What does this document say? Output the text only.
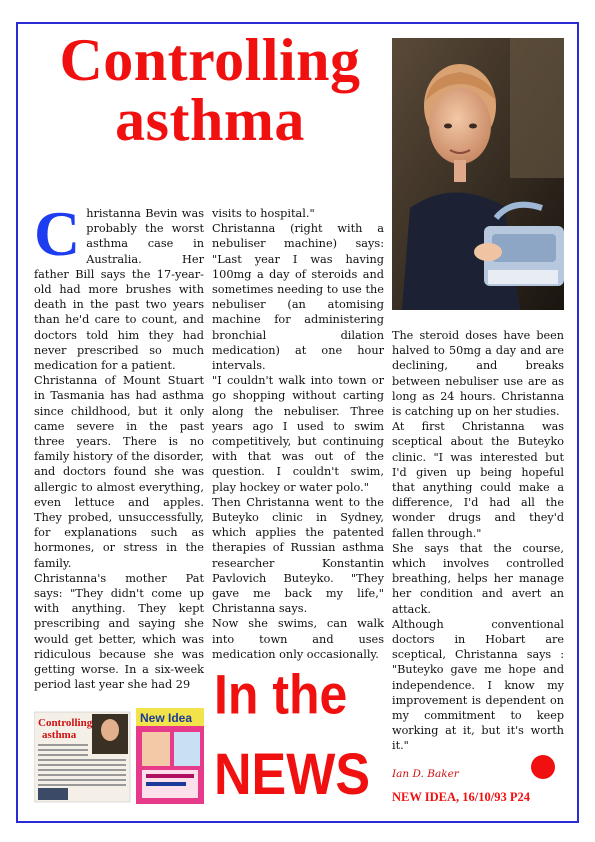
Controlling
asthma
C hristanna Bevin was probably the worst asthma case in Australia. Her father Bill says the 17-year-old had more brushes with death in the past two years than he'd care to count, and doctors told him they had never prescribed so much medication for a patient.

Christanna of Mount Stuart in Tasmania has had asthma since childhood, but it only came severe in the past three years. There is no family history of the disorder, and doctors found she was allergic to almost everything, even lettuce and apples. They probed, unsuccessfully, for explanations such as hormones, or stress in the family.

Christanna's mother Pat says: "They didn't come up with anything. They kept prescribing and saying she would get better, which was ridiculous because she was getting worse. In a six-week period last year she had 29

visits to hospital."

Christanna (right with a nebuliser machine) says: "Last year I was having 100mg a day of steroids and sometimes needing to use the nebuliser (an atomising machine for administering bronchial dilation medication) at one hour intervals.

"I couldn't walk into town or go shopping without carting along the nebuliser. Three years ago I used to swim competitively, but continuing with that was out of the question. I couldn't swim, play hockey or water polo."

Then Christanna went to the Buteyko clinic in Sydney, which applies the patented therapies of Russian asthma researcher Konstantin Pavlovich Buteyko. "They gave me back my life," Christanna says.

Now she swims, can walk into town and uses medication only occasionally.

The steroid doses have been halved to 50mg a day and are declining, and breaks between nebuliser use are as long as 24 hours. Christanna is catching up on her studies.

At first Christanna was sceptical about the Buteyko clinic. "I was interested but I'd given up being hopeful that anything could make a difference, I'd had all the wonder drugs and they'd fallen through."

She says that the course, which involves controlled breathing, helps her manage her condition and avert an attack.

Although conventional doctors in Hobart are sceptical, Christanna says : "Buteyko gave me hope and independence. I know my improvement is dependent on my commitment to keep working at it, but it's worth it."

In the
NEWS
Controlling
asthma
New Idea
Ian D. Baker
NEW IDEA, 16/10/93 P24
